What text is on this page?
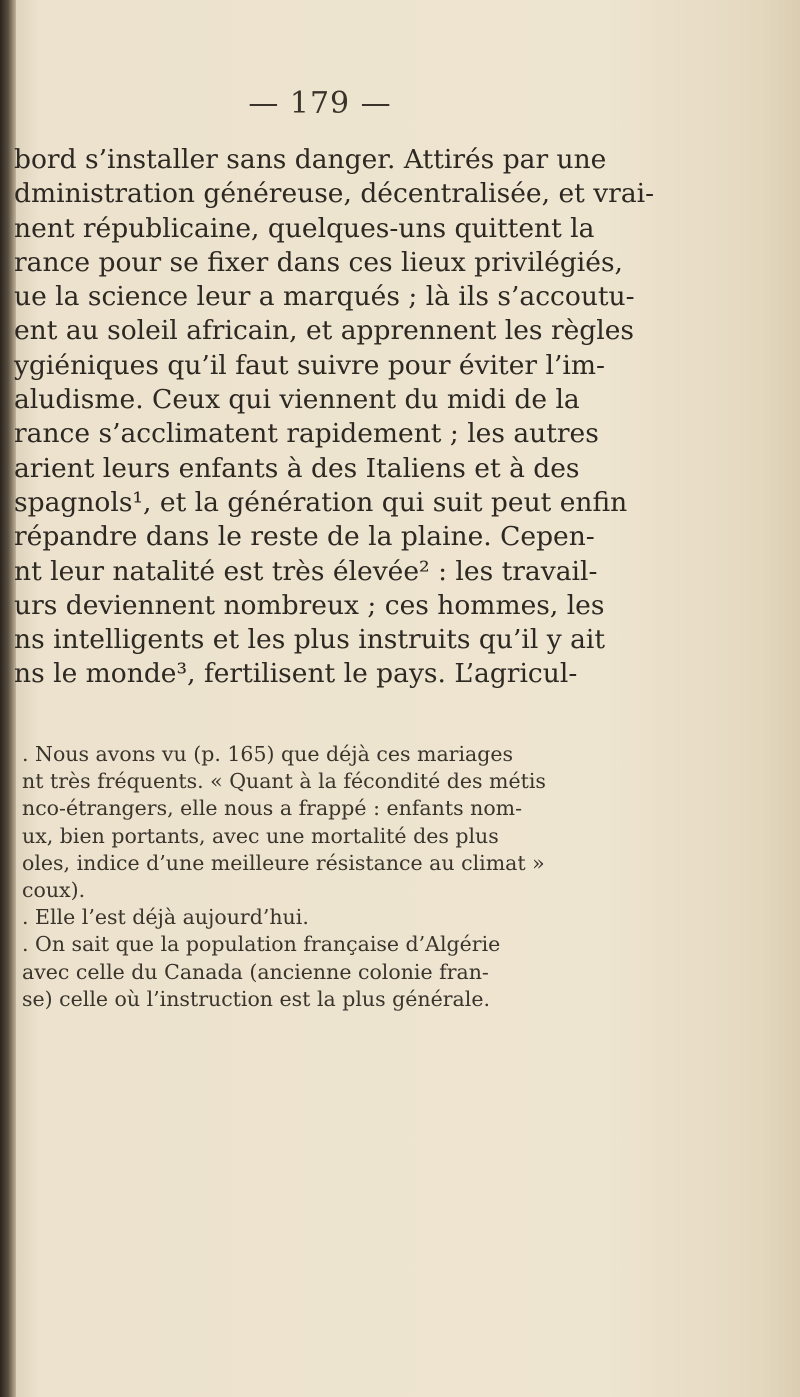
— 179 —
bord s’installer sans danger. Attirés par une
dministration généreuse, décentralisée, et vrai-
nent républicaine, quelques-uns quittent la
rance pour se fixer dans ces lieux privilégiés,
ue la science leur a marqués ; là ils s’accoutu-
ent au soleil africain, et apprennent les règles
ygiéniques qu’il faut suivre pour éviter l’im-
aludisme. Ceux qui viennent du midi de la
rance s’acclimatent rapidement ; les autres
arient leurs enfants à des Italiens et à des
spagnols¹, et la génération qui suit peut enfin
répandre dans le reste de la plaine. Cepen-
nt leur natalité est très élevée² : les travail-
urs deviennent nombreux ; ces hommes, les
ns intelligents et les plus instruits qu’il y ait
ns le monde³, fertilisent le pays. L’agricul-
. Nous avons vu (p. 165) que déjà ces mariages
nt très fréquents. « Quant à la fécondité des métis
nco-étrangers, elle nous a frappé : enfants nom-
ux, bien portants, avec une mortalité des plus
oles, indice d’une meilleure résistance au climat »
coux).
. Elle l’est déjà aujourd’hui.
. On sait que la population française d’Algérie
avec celle du Canada (ancienne colonie fran-
se) celle où l’instruction est la plus générale.
